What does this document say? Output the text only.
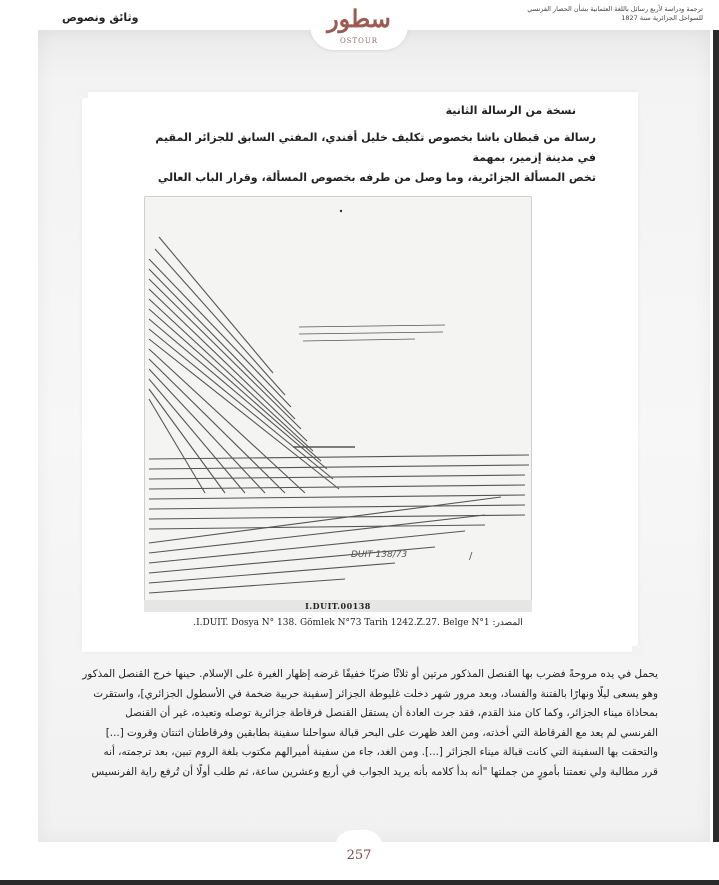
وثائق ونصوص
ترجمة ودراسة لأربع رسائل باللغة العثمانية بشأن الحصار الفرنسي
للسواحل الجزائرية سنة 1827
سطور
OSTOUR
نسخة من الرسالة الثانية
رسالة من قبطان باشا بخصوص تكليف خليل أفندي، المفتي السابق للجزائر المقيم في مدينة إزمير، بمهمة
تخص المسألة الجزائرية، وما وصل من طرفه بخصوص المسألة، وقرار الباب العالي
DUIT 138/73	/
I.DUIT.00138
.I.DUIT. Dosya N° 138. Gömlek N°73 Tarih 1242.Z.27. Belge N°1 المصدر:
يحمل في يده مروحةً فضرب بها القنصل المذكور مرتين أو ثلاثًا ضربًا خفيفًا غرضه إظهار الغيرة على الإسلام. حينها خرج القنصل المذكور
وهو يسعى ليلًا ونهارًا بالفتنة والفساد، وبعد مرور شهر دخلت غليوطة الجزائر [سفينة حربية ضخمة في الأسطول الجزائري]، واستقرت
بمحاذاة ميناء الجزائر، وكما كان منذ القدم، فقد جرت العادة أن يستقل القنصل فرقاطة جزائرية توصله وتعيده، غير أن القنصل
الفرنسي لم يعد مع الفرقاطة التي أخذته، ومن الغد ظهرت على البحر قبالة سواحلنا سفينة بطابقين وفرقاطتان اثنتان وقروت [...]
والتحقت بها السفينة التي كانت قبالة ميناء الجزائر [...]. ومن الغد، جاء من سفينة أميرالهم مكتوب بلغة الروم تبين، بعد ترجمته، أنه
قرر مطالبة ولي نعمتنا بأمورٍ من جملتها "أنه بدأ كلامه بأنه يريد الجواب في أربع وعشرين ساعة، ثم طلب أولًا أن تُرفع راية الفرنسيس
257
